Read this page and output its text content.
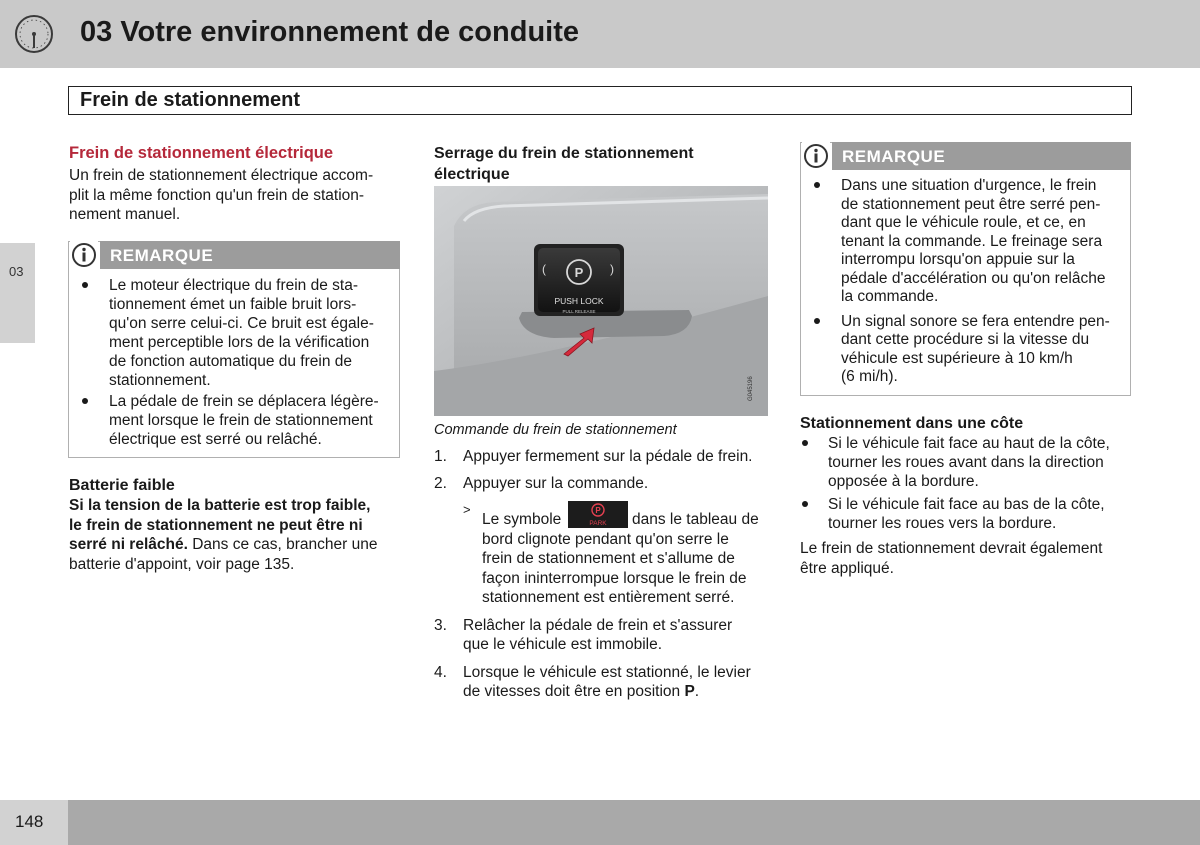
03 Votre environnement de conduite
Frein de stationnement
03
Frein de stationnement électrique
Un frein de stationnement électrique accom-
plit la même fonction qu'un frein de station-
nement manuel.
REMARQUE
Le moteur électrique du frein de sta-
tionnement émet un faible bruit lors-
qu'on serre celui-ci. Ce bruit est égale-
ment perceptible lors de la vérification
de fonction automatique du frein de
stationnement.
La pédale de frein se déplacera légère-
ment lorsque le frein de stationnement
électrique est serré ou relâché.
Batterie faible
Si la tension de la batterie est trop faible,
le frein de stationnement ne peut être ni
serré ni relâché. Dans ce cas, brancher une
batterie d'appoint, voir page 135.
Serrage du frein de stationnement
électrique
P
(	)
PUSH LOCK
PULL RELEASE
G045196
Commande du frein de stationnement
1. Appuyer fermement sur la pédale de frein.
2. Appuyer sur la commande.
>
Le symbole
P
PARK dans le tableau de
bord clignote pendant qu'on serre le
frein de stationnement et s'allume de
façon ininterrompue lorsque le frein de
stationnement est entièrement serré.
3. Relâcher la pédale de frein et s'assurer
que le véhicule est immobile.
4. Lorsque le véhicule est stationné, le levier
de vitesses doit être en position P.
REMARQUE
Dans une situation d'urgence, le frein
de stationnement peut être serré pen-
dant que le véhicule roule, et ce, en
tenant la commande. Le freinage sera
interrompu lorsqu'on appuie sur la
pédale d'accélération ou qu'on relâche
la commande.
Un signal sonore se fera entendre pen-
dant cette procédure si la vitesse du
véhicule est supérieure à 10 km/h
(6 mi/h).
Stationnement dans une côte
Si le véhicule fait face au haut de la côte,
tourner les roues avant dans la direction
opposée à la bordure.
Si le véhicule fait face au bas de la côte,
tourner les roues vers la bordure.
Le frein de stationnement devrait également
être appliqué.
148
